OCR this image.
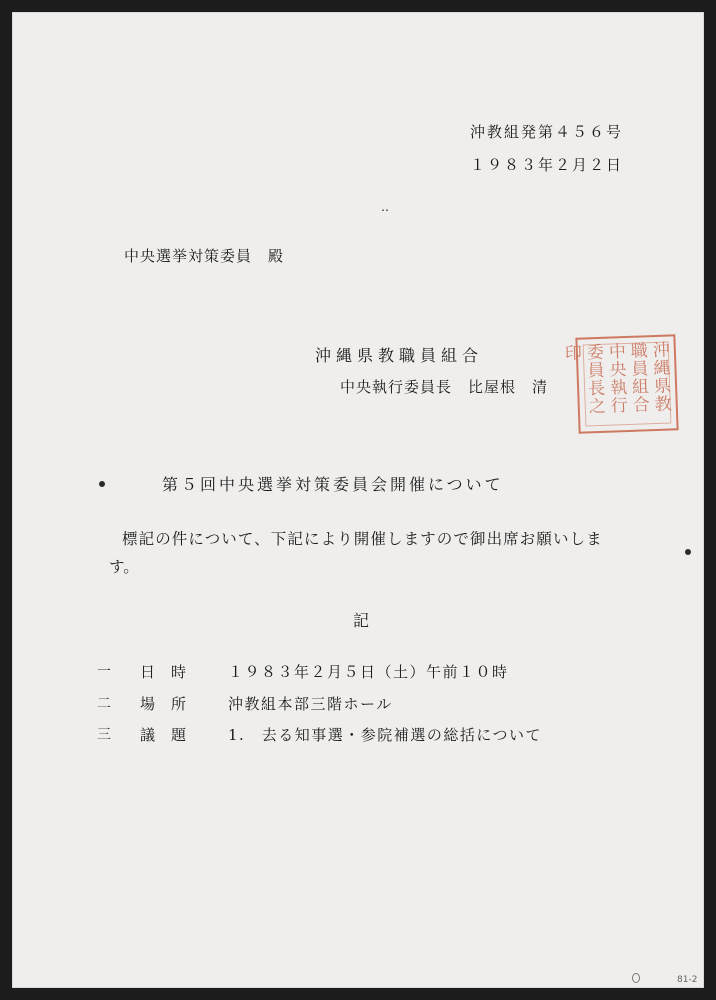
沖教組発第４５６号
１９８３年２月２日
‥
中央選挙対策委員　殿
沖縄県教職員組合
中央執行委員長　比屋根　清	沖縄県教職員組合中央執行委員長之印
第５回中央選挙対策委員会開催について
標記の件について、下記により開催しますので御出席お願いしま
す。
記
一 日時 １９８３年２月５日（土）午前１０時
二 場所 沖教組本部三階ホール
三 議題 1.　去る知事選・参院補選の総括について
81-2
